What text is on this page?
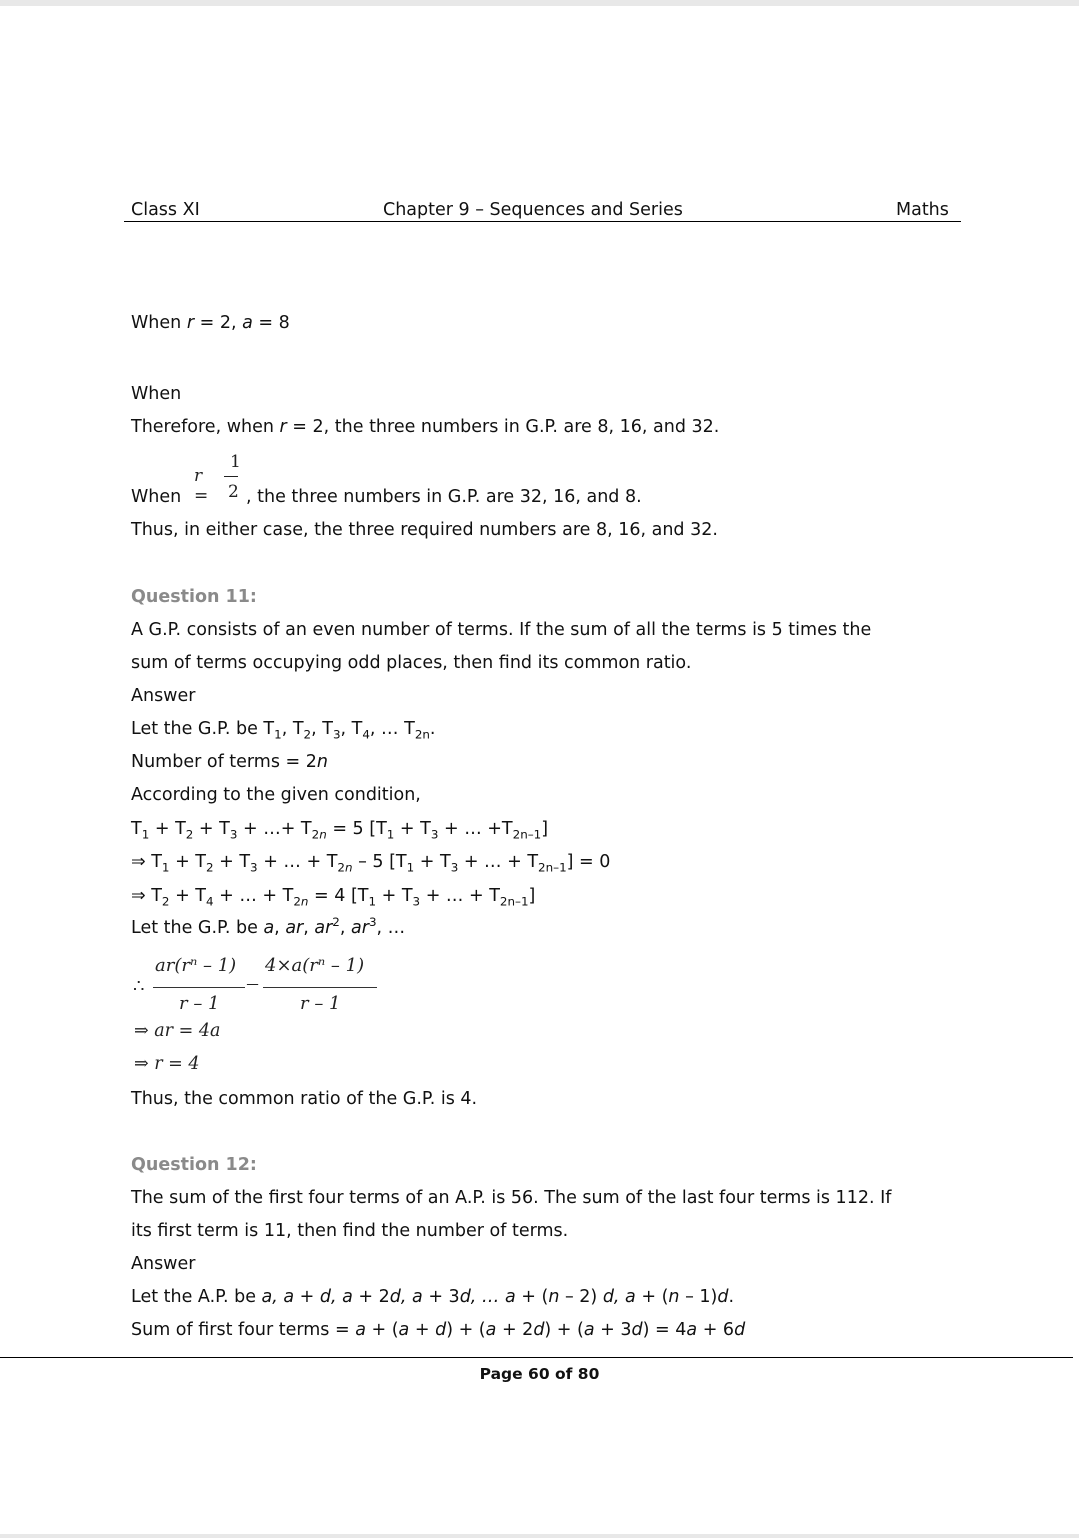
Class XI	Chapter 9 – Sequences and Series	Maths
When r = 2, a = 8
When
Therefore, when r = 2, the three numbers in G.P. are 8, 16, and 32.
r =
1
2
When	, the three numbers in G.P. are 32, 16, and 8.
Thus, in either case, the three required numbers are 8, 16, and 32.
Question 11:
A G.P. consists of an even number of terms. If the sum of all the terms is 5 times the
sum of terms occupying odd places, then find its common ratio.
Answer
Let the G.P. be $T_1$, $T_2$, $T_3$, $T_4$, … $T_{2n}$.
Number of terms = 2n
According to the given condition,
$T_1 + T_2 + T_3$ + …+ $T_{2n} = 5$ [$T_1 + T_3$ + … $+T_{2n-1}$]
⇒ $T_1 + T_2 + T_3$ + … + $T_{2n} - 5$ [$T_1 + T_3$ + … + $T_{2n-1}] = 0$
⇒ $T_2 + T_4$ + … + $T_{2n} = 4$ [$T_1 + T_3$ + … + $T_{2n-1}$]
Let the G.P. be a, ar, $ar^2$, $ar^3$, …
∴
ar(rⁿ – 1)
r – 1
4×a(rⁿ – 1)
r – 1
⇒ ar = 4a
⇒ r = 4
Thus, the common ratio of the G.P. is 4.
Question 12:
The sum of the first four terms of an A.P. is 56. The sum of the last four terms is 112. If
its first term is 11, then find the number of terms.
Answer
Let the A.P. be a, a + d, a + 2d, a + 3d, … a + (n – 2) d, a + (n – 1)d.
Sum of first four terms = a + (a + d) + (a + 2d) + (a + 3d) = 4a + 6d
Page 60 of 80
